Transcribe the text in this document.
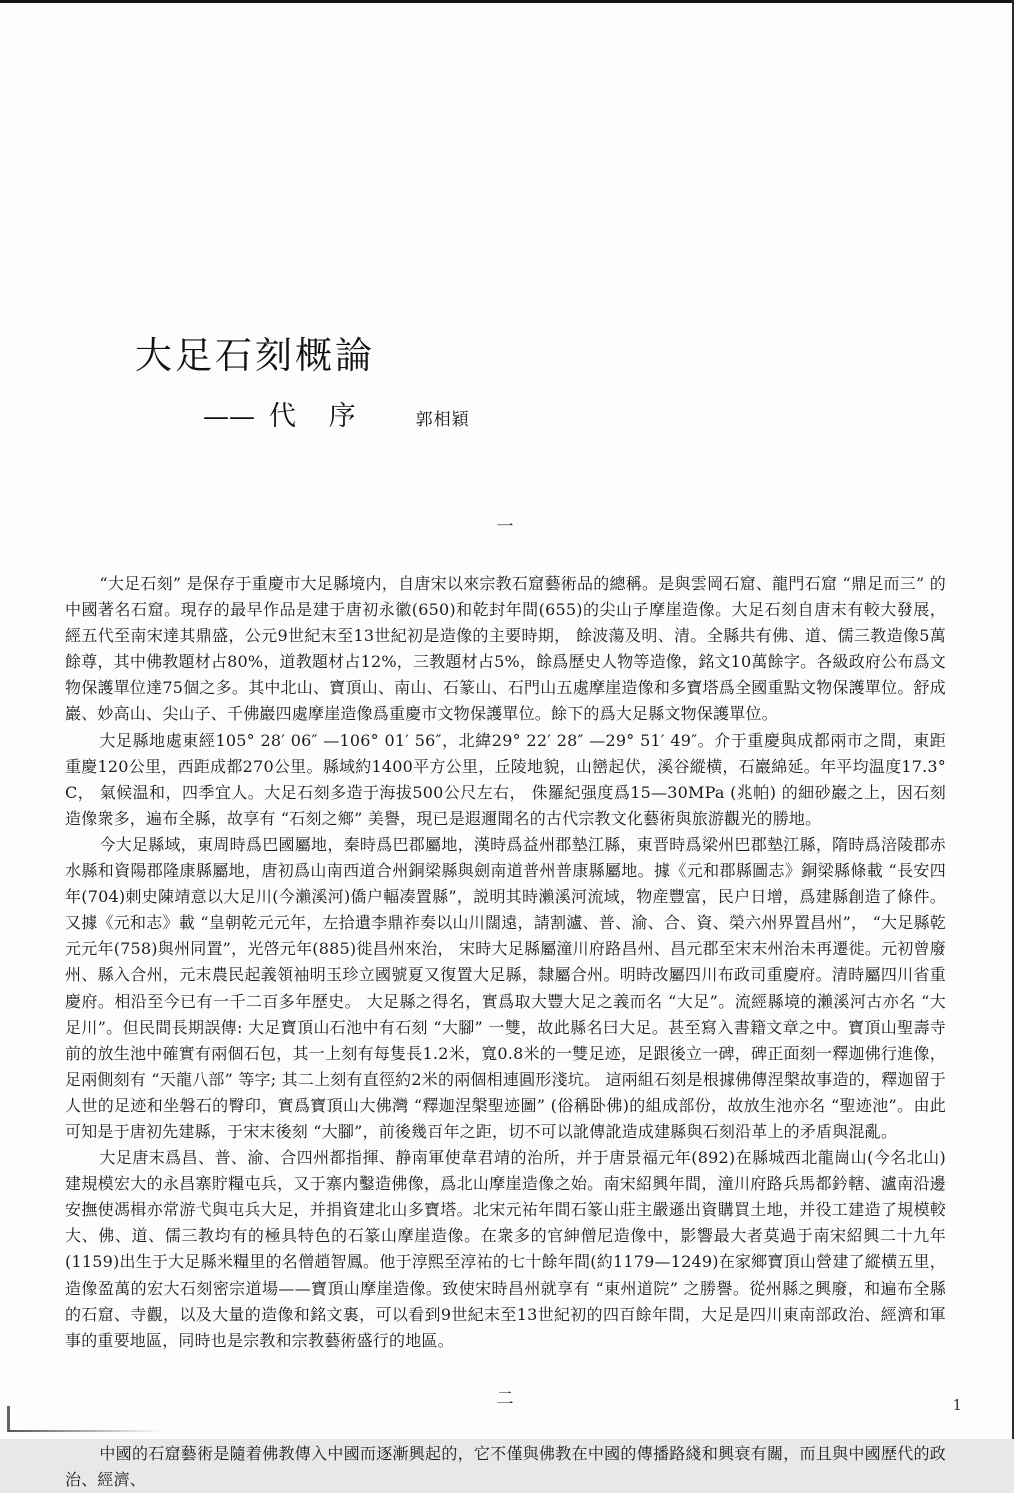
大足石刻概論
—— 代 序	郭相穎
一

“大足石刻” 是保存于重慶市大足縣境内，自唐宋以來宗教石窟藝術品的總稱。是與雲岡石窟、龍門石窟 “鼎足而三” 的中國著名石窟。現存的最早作品是建于唐初永徽(650)和乾封年間(655)的尖山子摩崖造像。大足石刻自唐末有較大發展，經五代至南宋達其鼎盛，公元9世紀末至13世紀初是造像的主要時期， 餘波蕩及明、清。全縣共有佛、道、儒三教造像5萬餘尊，其中佛教題材占80%，道教題材占12%，三教題材占5%，餘爲歷史人物等造像，銘文10萬餘字。各級政府公布爲文物保護單位達75個之多。其中北山、寶頂山、南山、石篆山、石門山五處摩崖造像和多寶塔爲全國重點文物保護單位。舒成巖、妙高山、尖山子、千佛巖四處摩崖造像爲重慶市文物保護單位。餘下的爲大足縣文物保護單位。

大足縣地處東經105° 28′ 06″ —106° 01′ 56″，北緯29° 22′ 28″ —29° 51′ 49″。介于重慶與成都兩市之間，東距重慶120公里，西距成都270公里。縣域約1400平方公里，丘陵地貌，山巒起伏，溪谷縱横，石巖綿延。年平均温度17.3° C， 氣候温和，四季宜人。大足石刻多造于海拔500公尺左右， 侏羅紀强度爲15—30MPa (兆帕) 的細砂巖之上，因石刻造像衆多，遍布全縣，故享有 “石刻之鄉” 美譽，現已是遐邇聞名的古代宗教文化藝術與旅游觀光的勝地。

今大足縣域，東周時爲巴國屬地，秦時爲巴郡屬地，漢時爲益州郡墊江縣，東晋時爲梁州巴郡墊江縣，隋時爲涪陵郡赤水縣和資陽郡隆康縣屬地，唐初爲山南西道合州銅梁縣與劍南道普州普康縣屬地。據《元和郡縣圖志》銅梁縣條載 “長安四年(704)刺史陳靖意以大足川(今瀨溪河)僑户輻凑置縣”，説明其時瀨溪河流域，物産豐富，民户日增，爲建縣創造了條件。又據《元和志》載 “皇朝乾元元年，左拾遺李鼎祚奏以山川闊遠，請割瀘、普、渝、合、資、榮六州界置昌州”， “大足縣乾元元年(758)與州同置”，光啓元年(885)徙昌州來治， 宋時大足縣屬潼川府路昌州、昌元郡至宋末州治未再遷徙。元初曾廢州、縣入合州，元末農民起義領袖明玉珍立國號夏又復置大足縣，隸屬合州。明時改屬四川布政司重慶府。清時屬四川省重慶府。相沿至今已有一千二百多年歷史。 大足縣之得名，實爲取大豐大足之義而名 “大足”。流經縣境的瀨溪河古亦名 “大足川”。但民間長期誤傳: 大足寶頂山石池中有石刻 “大腳” 一雙，故此縣名曰大足。甚至寫入書籍文章之中。寶頂山聖壽寺前的放生池中確實有兩個石包，其一上刻有每隻長1.2米，寬0.8米的一雙足迹，足跟後立一碑，碑正面刻一釋迦佛行進像，足兩側刻有 “天龍八部” 等字; 其二上刻有直徑約2米的兩個相連圓形淺坑。 這兩組石刻是根據佛傳涅槃故事造的，釋迦留于人世的足迹和坐磐石的臀印，實爲寶頂山大佛灣 “釋迦涅槃聖迹圖” (俗稱卧佛)的組成部份，故放生池亦名 “聖迹池”。由此可知是于唐初先建縣，于宋末後刻 “大腳”，前後幾百年之距，切不可以訛傳訛造成建縣與石刻沿革上的矛盾與混亂。

大足唐末爲昌、普、渝、合四州都指揮、静南軍使韋君靖的治所，并于唐景福元年(892)在縣城西北龍崗山(今名北山) 建規模宏大的永昌寨貯糧屯兵，又于寨内鑿造佛像，爲北山摩崖造像之始。南宋紹興年間，潼川府路兵馬都鈐轄、瀘南沿邊安撫使馮楫亦常游弋與屯兵大足，并捐資建北山多寶塔。北宋元祐年間石篆山莊主嚴遜出資購買土地，并役工建造了規模較大、佛、道、儒三教均有的極具特色的石篆山摩崖造像。在衆多的官紳僧尼造像中，影響最大者莫過于南宋紹興二十九年(1159)出生于大足縣米糧里的名僧趙智鳳。他于淳熙至淳祐的七十餘年間(約1179—1249)在家鄉寶頂山營建了縱横五里，造像盈萬的宏大石刻密宗道場——寶頂山摩崖造像。致使宋時昌州就享有 “東州道院” 之勝譽。從州縣之興廢，和遍布全縣的石窟、寺觀，以及大量的造像和銘文裏，可以看到9世紀末至13世紀初的四百餘年間，大足是四川東南部政治、經濟和軍事的重要地區，同時也是宗教和宗教藝術盛行的地區。

二

中國的石窟藝術是隨着佛教傳入中國而逐漸興起的，它不僅與佛教在中國的傳播路綫和興衰有關，而且與中國歷代的政治、經濟、

1
